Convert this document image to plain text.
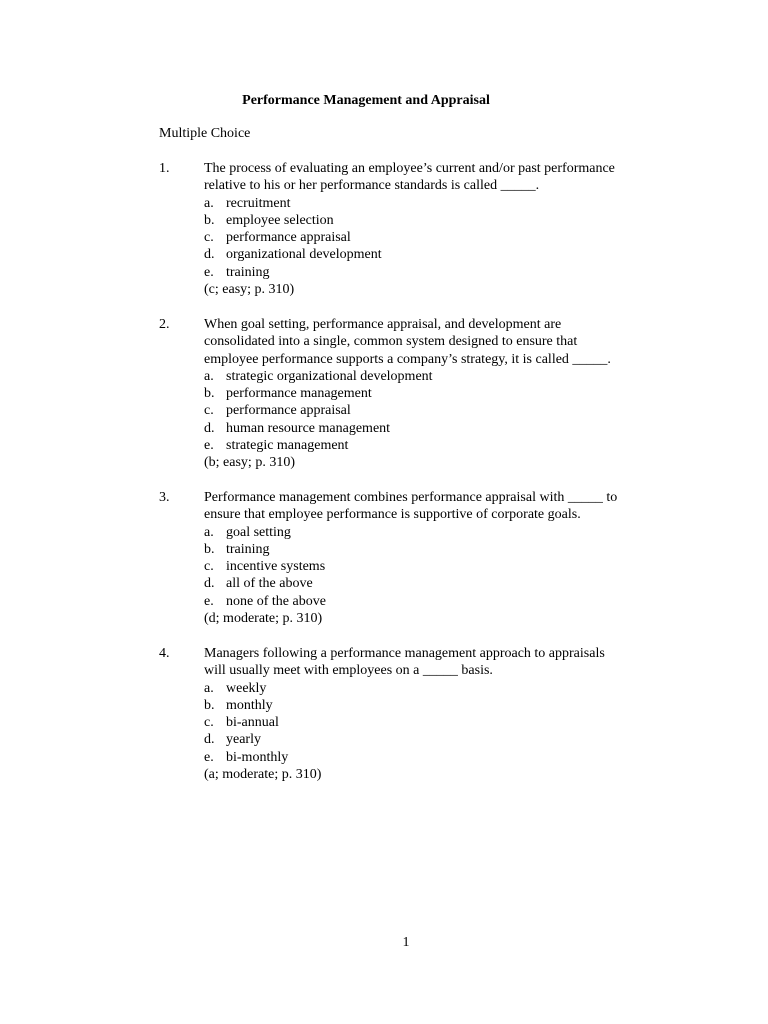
Performance Management and Appraisal
Multiple Choice
1. The process of evaluating an employee’s current and/or past performance
relative to his or her performance standards is called _____.
a. recruitment
b. employee selection
c. performance appraisal
d. organizational development
e. training
(c; easy; p. 310)
2. When goal setting, performance appraisal, and development are
consolidated into a single, common system designed to ensure that
employee performance supports a company’s strategy, it is called _____.
a. strategic organizational development
b. performance management
c. performance appraisal
d. human resource management
e. strategic management
(b; easy; p. 310)
3. Performance management combines performance appraisal with _____ to
ensure that employee performance is supportive of corporate goals.
a. goal setting
b. training
c. incentive systems
d. all of the above
e. none of the above
(d; moderate; p. 310)
4. Managers following a performance management approach to appraisals
will usually meet with employees on a _____ basis.
a. weekly
b. monthly
c. bi-annual
d. yearly
e. bi-monthly
(a; moderate; p. 310)
1
